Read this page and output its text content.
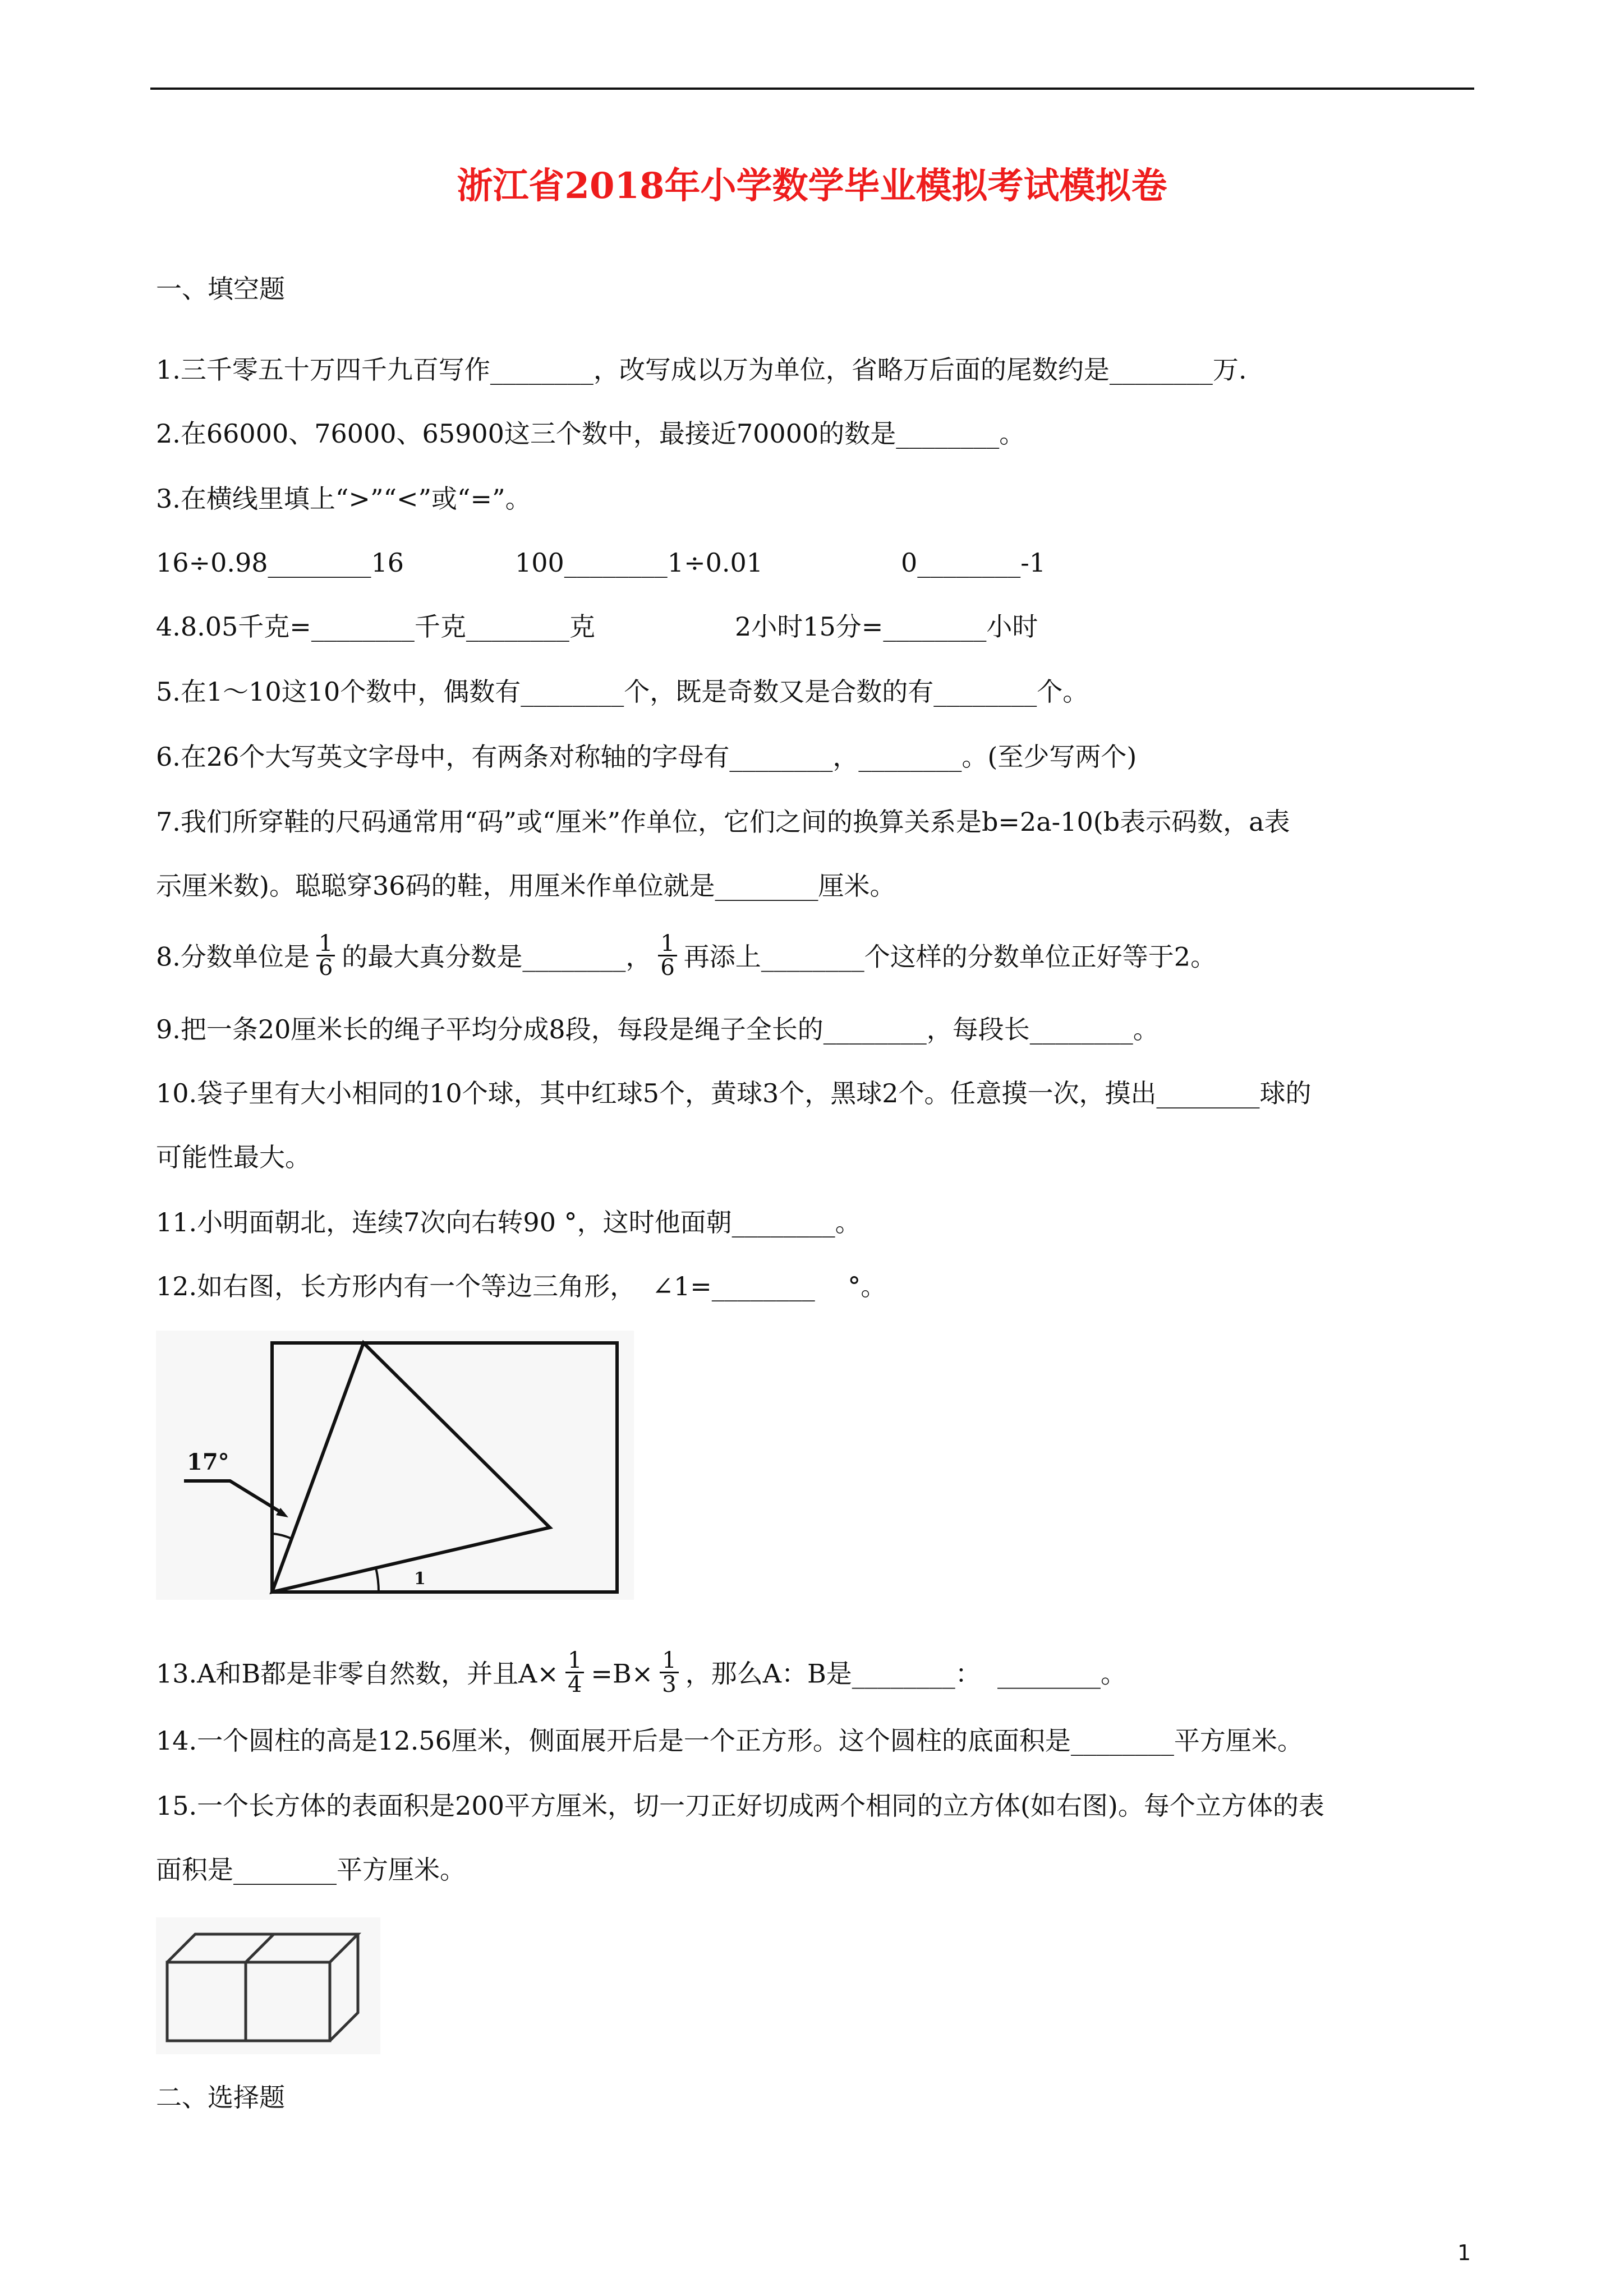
浙江省2018年小学数学毕业模拟考试模拟卷
一、填空题
1.三千零五十万四千九百写作________，改写成以万为单位，省略万后面的尾数约是________万.
2.在66000、76000、65900这三个数中，最接近70000的数是________。
3.在横线里填上“>”“<”或“=”。
16÷0.98________16	100________1÷0.01	0________-1
4.8.05千克=________千克________克	2小时15分=________小时
5.在1～10这10个数中，偶数有________个，既是奇数又是合数的有________个。
6.在26个大写英文字母中，有两条对称轴的字母有________，________。(至少写两个)
7.我们所穿鞋的尺码通常用“码”或“厘米”作单位，它们之间的换算关系是b=2a-10(b表示码数，a表
示厘米数)。聪聪穿36码的鞋，用厘米作单位就是________厘米。
8.分数单位是 $\frac{1}{6}$ 的最大真分数是________， $\frac{1}{6}$ 再添上________个这样的分数单位正好等于2。
9.把一条20厘米长的绳子平均分成8段，每段是绳子全长的________，每段长________。
10.袋子里有大小相同的10个球，其中红球5个，黄球3个，黑球2个。任意摸一次，摸出________球的
可能性最大。
11.小明面朝北，连续7次向右转90 °，这时他面朝________。
12.如右图，长方形内有一个等边三角形，  ∠1=________    °。
17°
1
13.A和B都是非零自然数，并且$A\times \frac{1}{4} =B\times \frac{1}{3}$ ，那么A：B是________：  ________。
14.一个圆柱的高是12.56厘米，侧面展开后是一个正方形。这个圆柱的底面积是________平方厘米。
15.一个长方体的表面积是200平方厘米，切一刀正好切成两个相同的立方体(如右图)。每个立方体的表
面积是________平方厘米。
二、选择题
1
